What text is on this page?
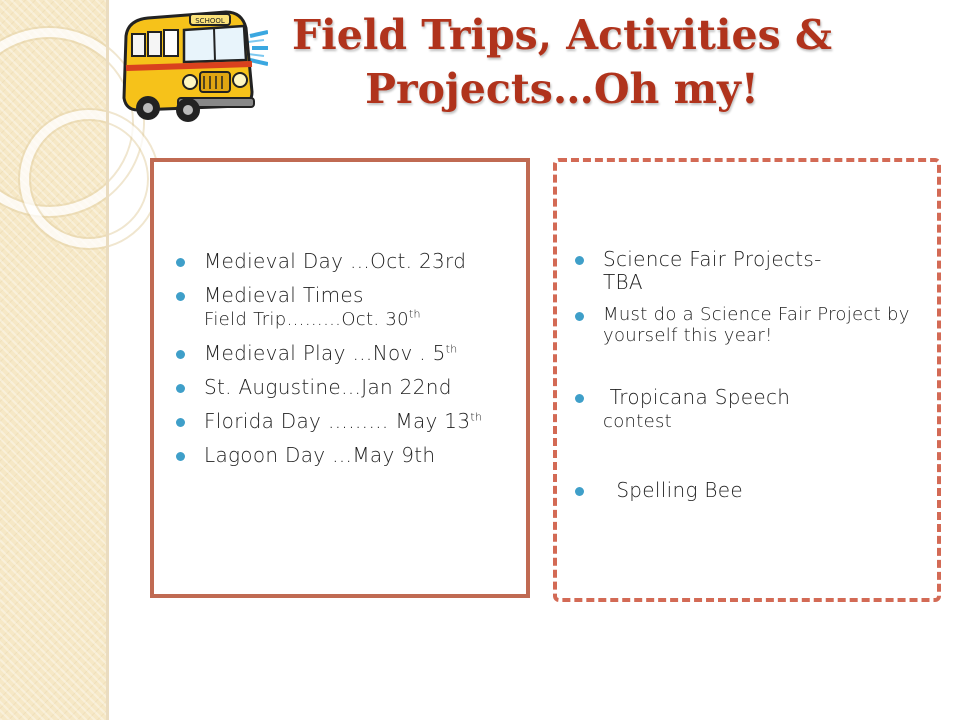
SCHOOL	Field Trips, Activities &
Projects…Oh my!
Medieval Day …Oct. 23rd
Medieval Times
Field Trip………Oct. 30th
Medieval Play …Nov . 5th
St. Augustine…Jan 22nd
Florida Day ……… May 13th
Lagoon Day …May 9th
Science Fair Projects-
TBA
Must do a Science Fair Project by yourself this year!
Tropicana Speech
contest
Spelling Bee
